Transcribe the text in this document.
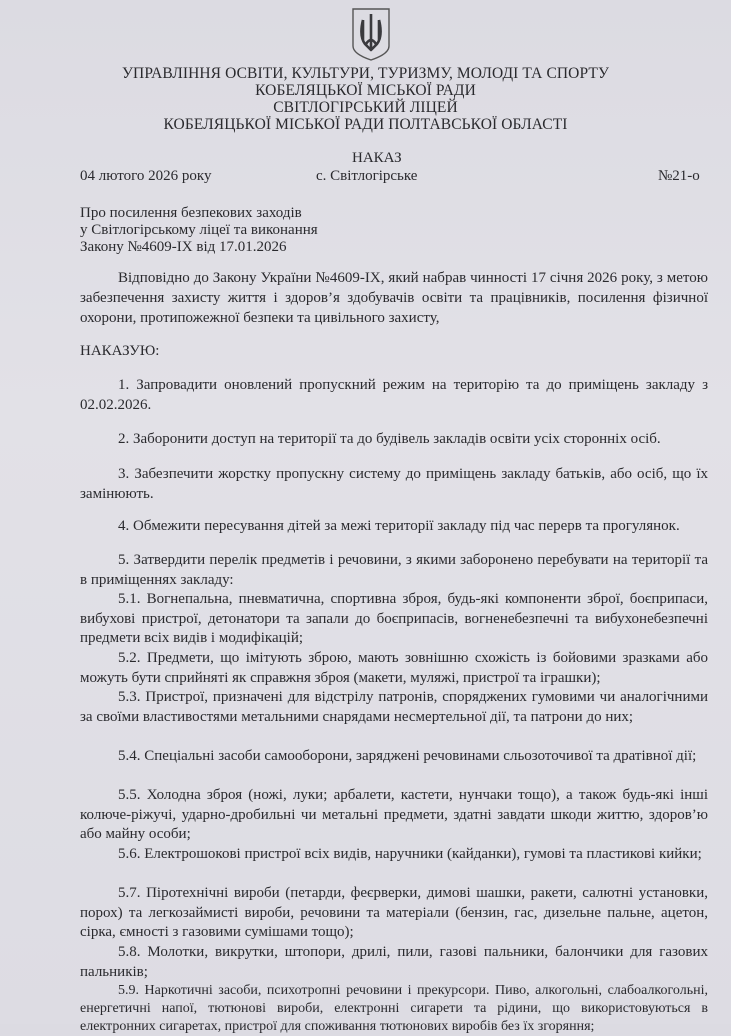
УПРАВЛІННЯ ОСВІТИ, КУЛЬТУРИ, ТУРИЗМУ, МОЛОДІ ТА СПОРТУ
КОБЕЛЯЦЬКОЇ МІСЬКОЇ РАДИ
СВІТЛОГІРСЬКИЙ ЛІЦЕЙ
КОБЕЛЯЦЬКОЇ МІСЬКОЇ РАДИ ПОЛТАВСЬКОЇ ОБЛАСТІ
НАКАЗ
04 лютого 2026 року	с. Світлогірське	№21-о
Про посилення безпекових заходів
у Світлогірському ліцеї та виконання
Закону №4609-IX від 17.01.2026
Відповідно до Закону України №4609-IX, який набрав чинності 17 січня 2026 року, з метою забезпечення захисту життя і здоров’я здобувачів освіти та працівників, посилення фізичної охорони, протипожежної безпеки та цивільного захисту,
НАКАЗУЮ:
1. Запровадити оновлений пропускний режим на територію та до приміщень закладу з 02.02.2026.
2. Заборонити доступ на території та до будівель закладів освіти усіх сторонніх осіб.
3. Забезпечити жорстку пропускну систему до приміщень закладу батьків, або осіб, що їх замінюють.
4. Обмежити пересування дітей за межі території закладу під час перерв та прогулянок.
5. Затвердити перелік предметів і речовини, з якими заборонено перебувати на території та в приміщеннях закладу:
5.1. Вогнепальна, пневматична, спортивна зброя, будь-які компоненти зброї, боєприпаси, вибухові пристрої, детонатори та запали до боєприпасів, вогненебезпечні та вибухонебезпечні предмети всіх видів і модифікацій;
5.2. Предмети, що імітують зброю, мають зовнішню схожість із бойовими зразками або можуть бути сприйняті як справжня зброя (макети, муляжі, пристрої та іграшки);
5.3. Пристрої, призначені для відстрілу патронів, споряджених гумовими чи аналогічними за своїми властивостями метальними снарядами несмертельної дії, та патрони до них;
5.4. Спеціальні засоби самооборони, заряджені речовинами сльозоточивої та дратівної дії;
5.5. Холодна зброя (ножі, луки; арбалети, кастети, нунчаки тощо), а також будь-які інші колюче-ріжучі, ударно-дробильні чи метальні предмети, здатні завдати шкоди життю, здоров’ю або майну особи;
5.6. Електрошокові пристрої всіх видів, наручники (кайданки), гумові та пластикові кийки;
5.7. Піротехнічні вироби (петарди, феєрверки, димові шашки, ракети, салютні установки, порох) та легкозаймисті вироби, речовини та матеріали (бензин, гас, дизельне пальне, ацетон, сірка, ємності з газовими сумішами тощо);
5.8. Молотки, викрутки, штопори, дрилі, пили, газові пальники, балончики для газових пальників;
5.9. Наркотичні засоби, психотропні речовини і прекурсори. Пиво, алкогольні, слабоалкогольні, енергетичні напої, тютюнові вироби, електронні сигарети та рідини, що використовуються в електронних сигаретах, пристрої для споживання тютюнових виробів без їх згоряння;
